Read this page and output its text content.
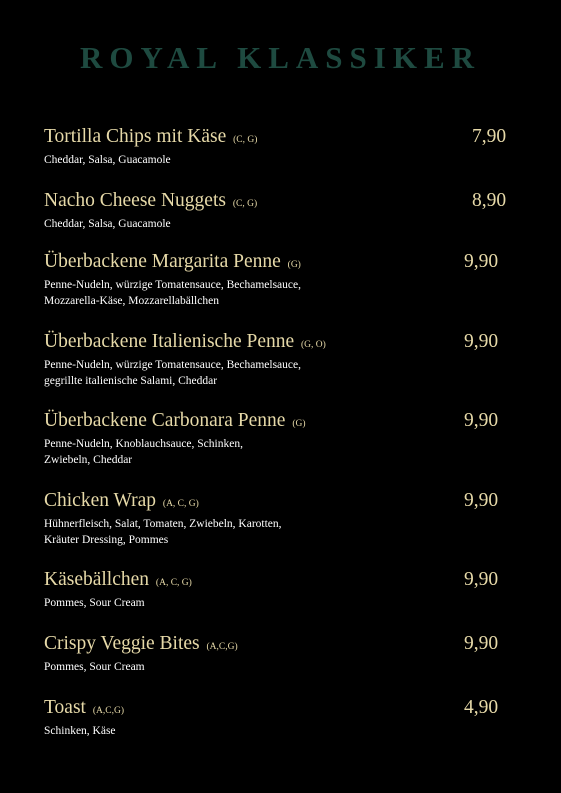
ROYAL KLASSIKER
Tortilla Chips mit Käse (C, G)
Cheddar, Salsa, Guacamole
7,90
Nacho Cheese Nuggets (C, G)
Cheddar, Salsa, Guacamole
8,90
Überbackene Margarita Penne (G)
Penne-Nudeln, würzige Tomatensauce, Bechamelsauce,
Mozzarella-Käse, Mozzarellabällchen
9,90
Überbackene Italienische Penne (G, O)
Penne-Nudeln, würzige Tomatensauce, Bechamelsauce,
gegrillte italienische Salami, Cheddar
9,90
Überbackene Carbonara Penne (G)
Penne-Nudeln, Knoblauchsauce, Schinken,
Zwiebeln, Cheddar
9,90
Chicken Wrap (A, C, G)
Hühnerfleisch, Salat, Tomaten, Zwiebeln, Karotten,
Kräuter Dressing, Pommes
9,90
Käsebällchen (A, C, G)
Pommes, Sour Cream
9,90
Crispy Veggie Bites (A,C,G)
Pommes, Sour Cream
9,90
Toast (A,C,G)
Schinken, Käse
4,90
